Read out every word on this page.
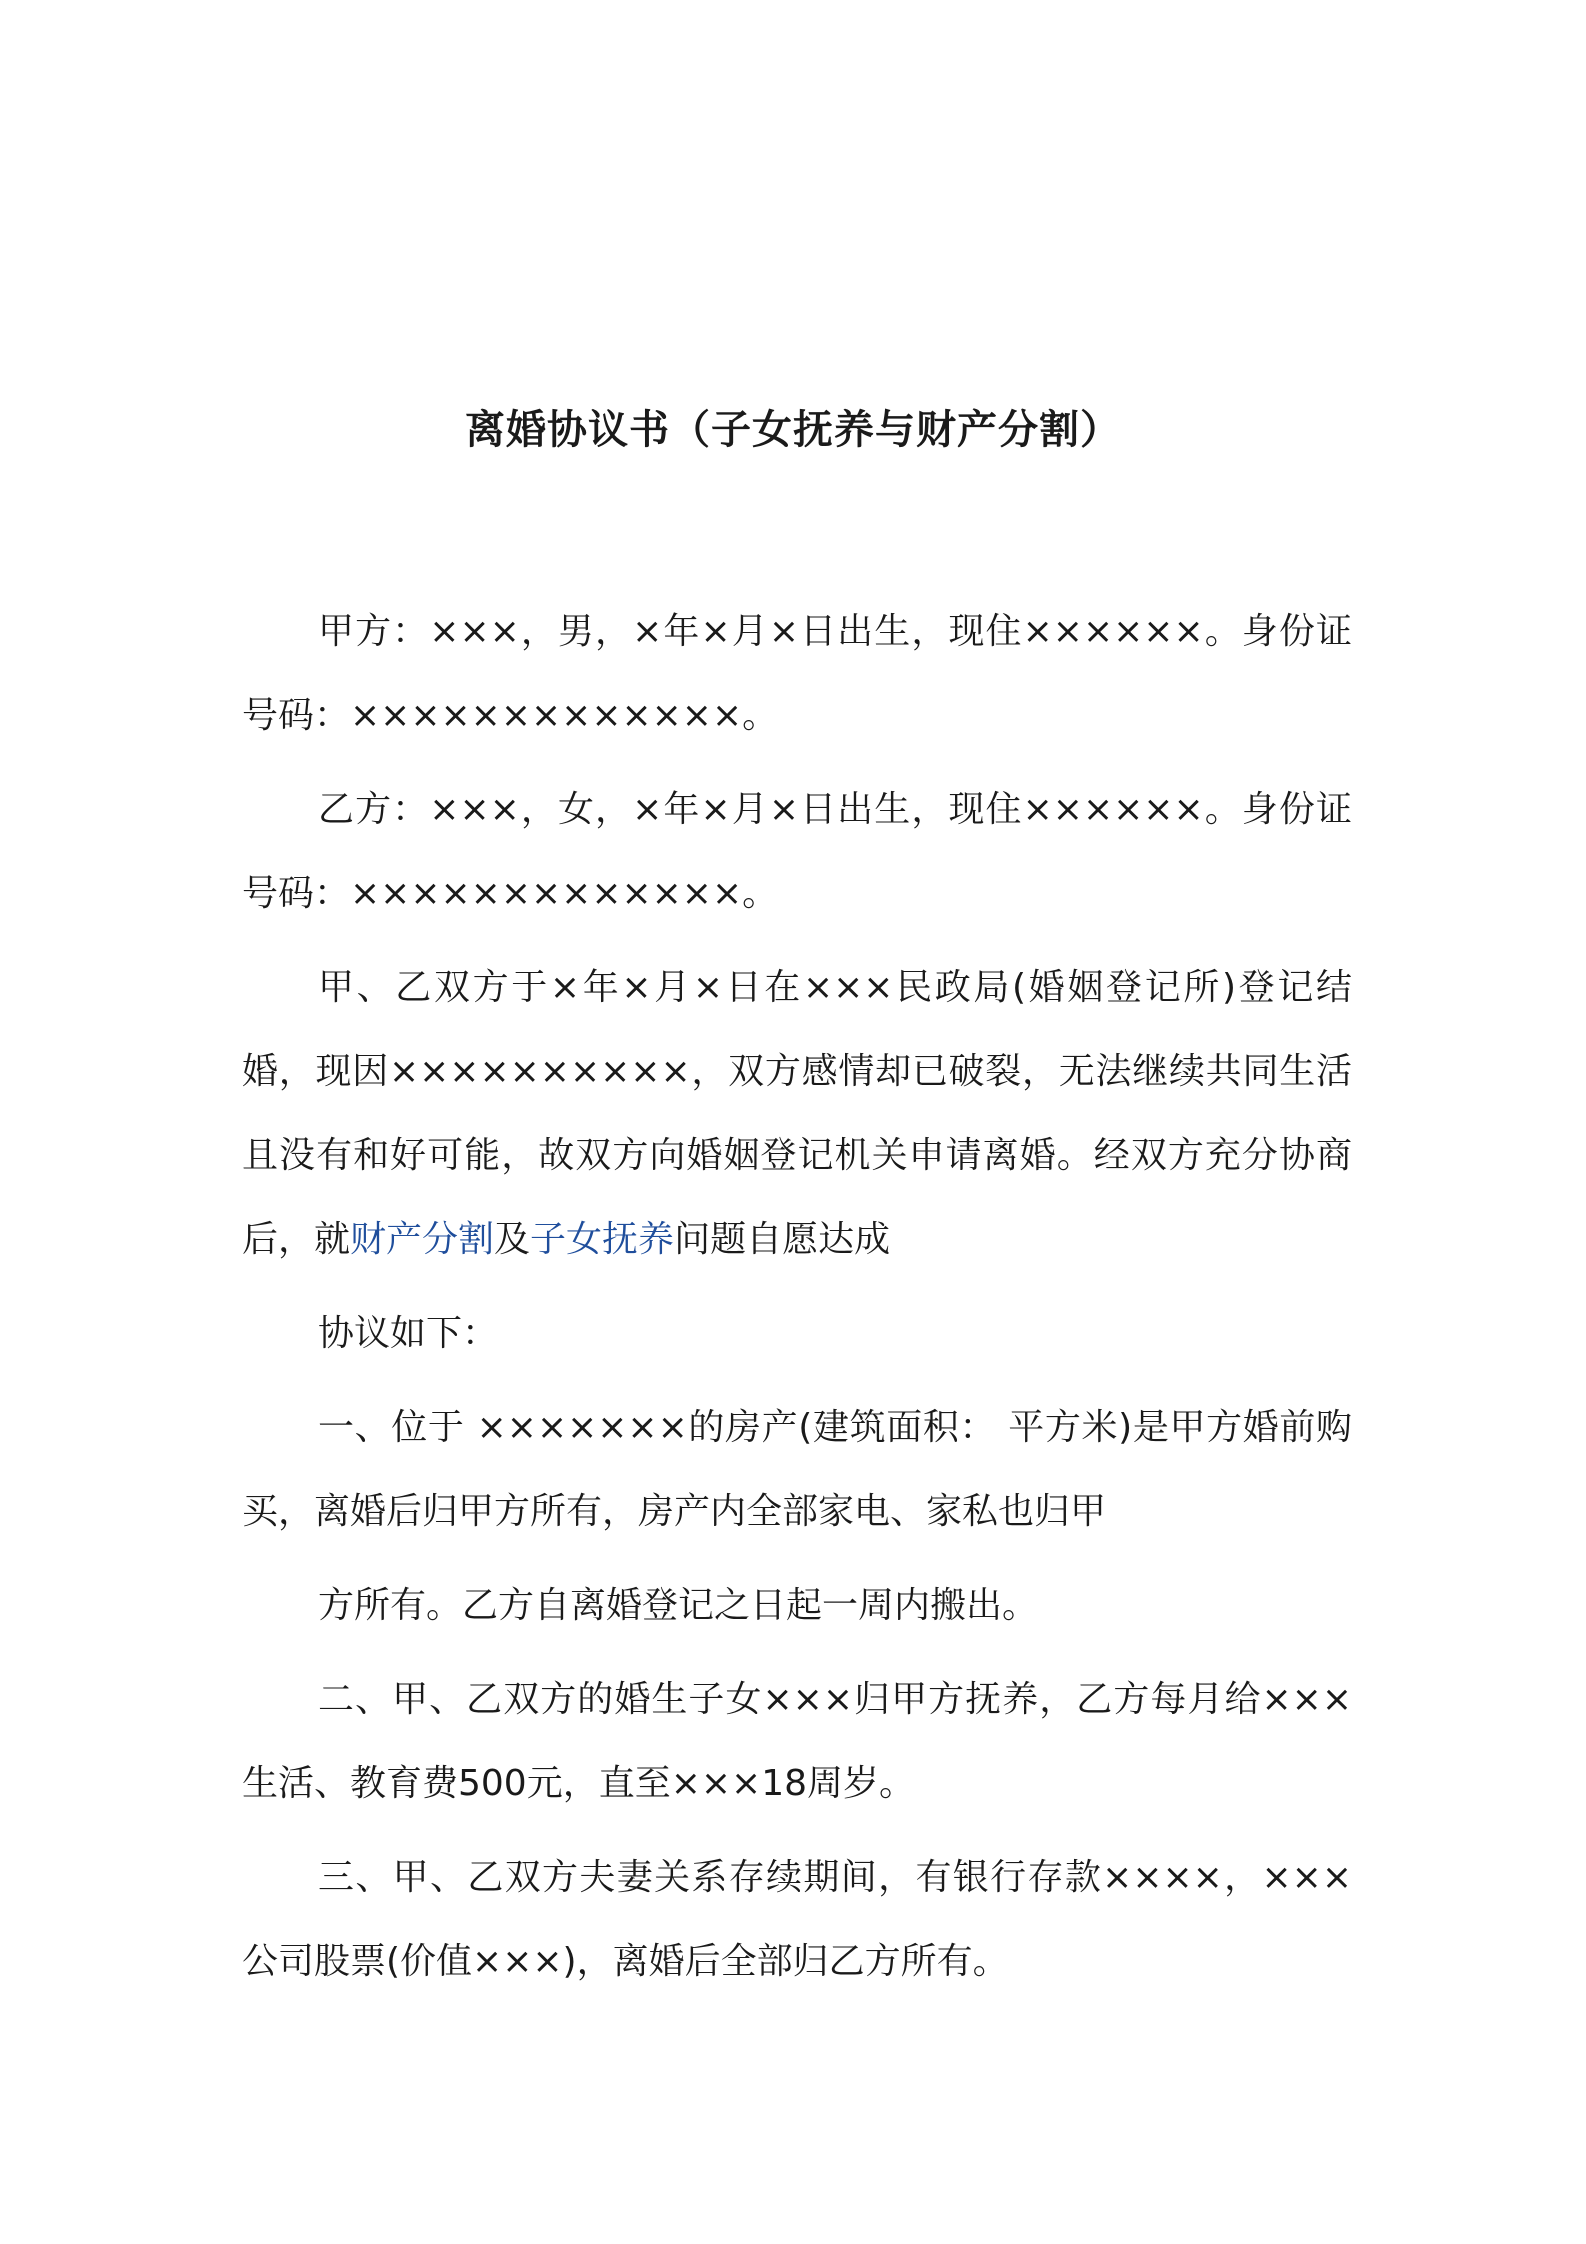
离婚协议书（子女抚养与财产分割）

甲方：×××，男，×年×月×日出生，现住××××××。身份证号码：×××××××××××××。

乙方：×××，女，×年×月×日出生，现住××××××。身份证号码：×××××××××××××。

甲、乙双方于×年×月×日在×××民政局(婚姻登记所)登记结婚，现因××××××××××，双方感情却已破裂，无法继续共同生活且没有和好可能，故双方向婚姻登记机关申请离婚。经双方充分协商后，就财产分割及子女抚养问题自愿达成

协议如下：

一、位于 ×××××××的房产(建筑面积： 平方米)是甲方婚前购买，离婚后归甲方所有，房产内全部家电、家私也归甲

方所有。乙方自离婚登记之日起一周内搬出。

二、甲、乙双方的婚生子女×××归甲方抚养，乙方每月给×××生活、教育费500元，直至×××18周岁。

三、甲、乙双方夫妻关系存续期间，有银行存款××××，×××公司股票(价值×××)，离婚后全部归乙方所有。
